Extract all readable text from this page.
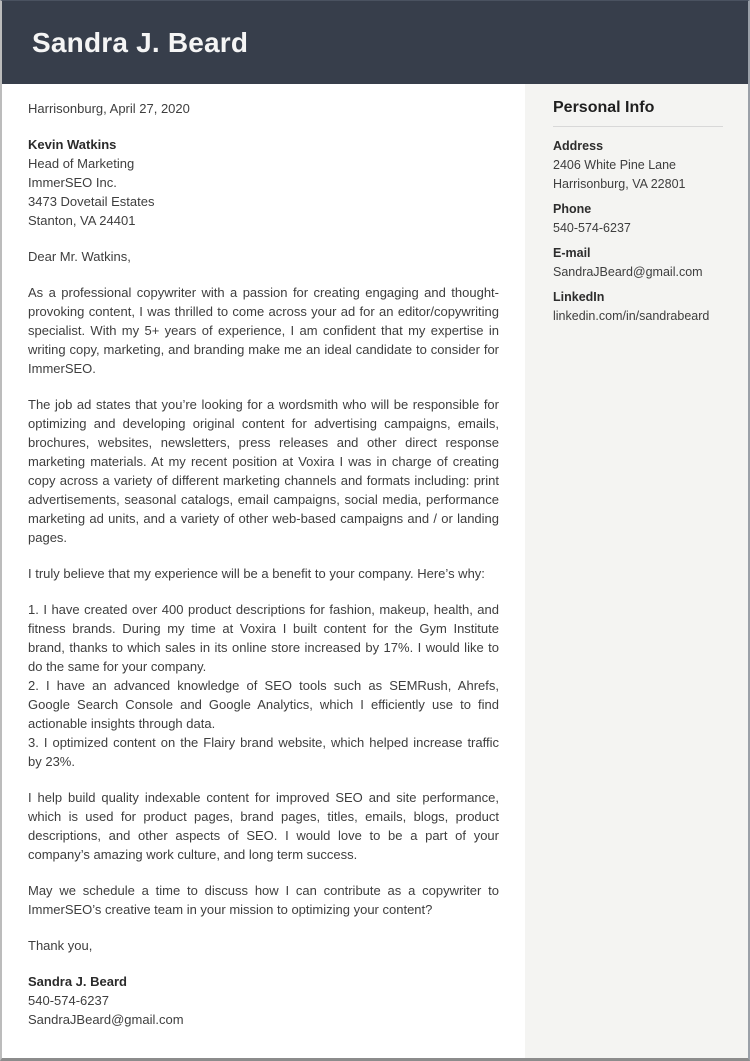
Sandra J. Beard
Harrisonburg, April 27, 2020
Kevin Watkins
Head of Marketing
ImmerSEO Inc.
3473 Dovetail Estates
Stanton, VA 24401
Dear Mr. Watkins,

As a professional copywriter with a passion for creating engaging and thought-provoking content, I was thrilled to come across your ad for an editor/copywriting specialist. With my 5+ years of experience, I am confident that my expertise in writing copy, marketing, and branding make me an ideal candidate to consider for ImmerSEO.

The job ad states that you’re looking for a wordsmith who will be responsible for optimizing and developing original content for advertising campaigns, emails, brochures, websites, newsletters, press releases and other direct response marketing materials. At my recent position at Voxira I was in charge of creating copy across a variety of different marketing channels and formats including: print advertisements, seasonal catalogs, email campaigns, social media, performance marketing ad units, and a variety of other web-based campaigns and / or landing pages.

I truly believe that my experience will be a benefit to your company. Here’s why:

1. I have created over 400 product descriptions for fashion, makeup, health, and fitness brands. During my time at Voxira I built content for the Gym Institute brand, thanks to which sales in its online store increased by 17%. I would like to do the same for your company.
2. I have an advanced knowledge of SEO tools such as SEMRush, Ahrefs, Google Search Console and Google Analytics, which I efficiently use to find actionable insights through data.
3. I optimized content on the Flairy brand website, which helped increase traffic by 23%.

I help build quality indexable content for improved SEO and site performance, which is used for product pages, brand pages, titles, emails, blogs, product descriptions, and other aspects of SEO. I would love to be a part of your company’s amazing work culture, and long term success.

May we schedule a time to discuss how I can contribute as a copywriter to ImmerSEO’s creative team in your mission to optimizing your content?

Thank you,
Sandra J. Beard
540-574-6237
SandraJBeard@gmail.com
Personal Info
Address
2406 White Pine Lane
Harrisonburg, VA 22801
Phone
540-574-6237
E-mail
SandraJBeard@gmail.com
LinkedIn
linkedin.com/in/sandrabeard
